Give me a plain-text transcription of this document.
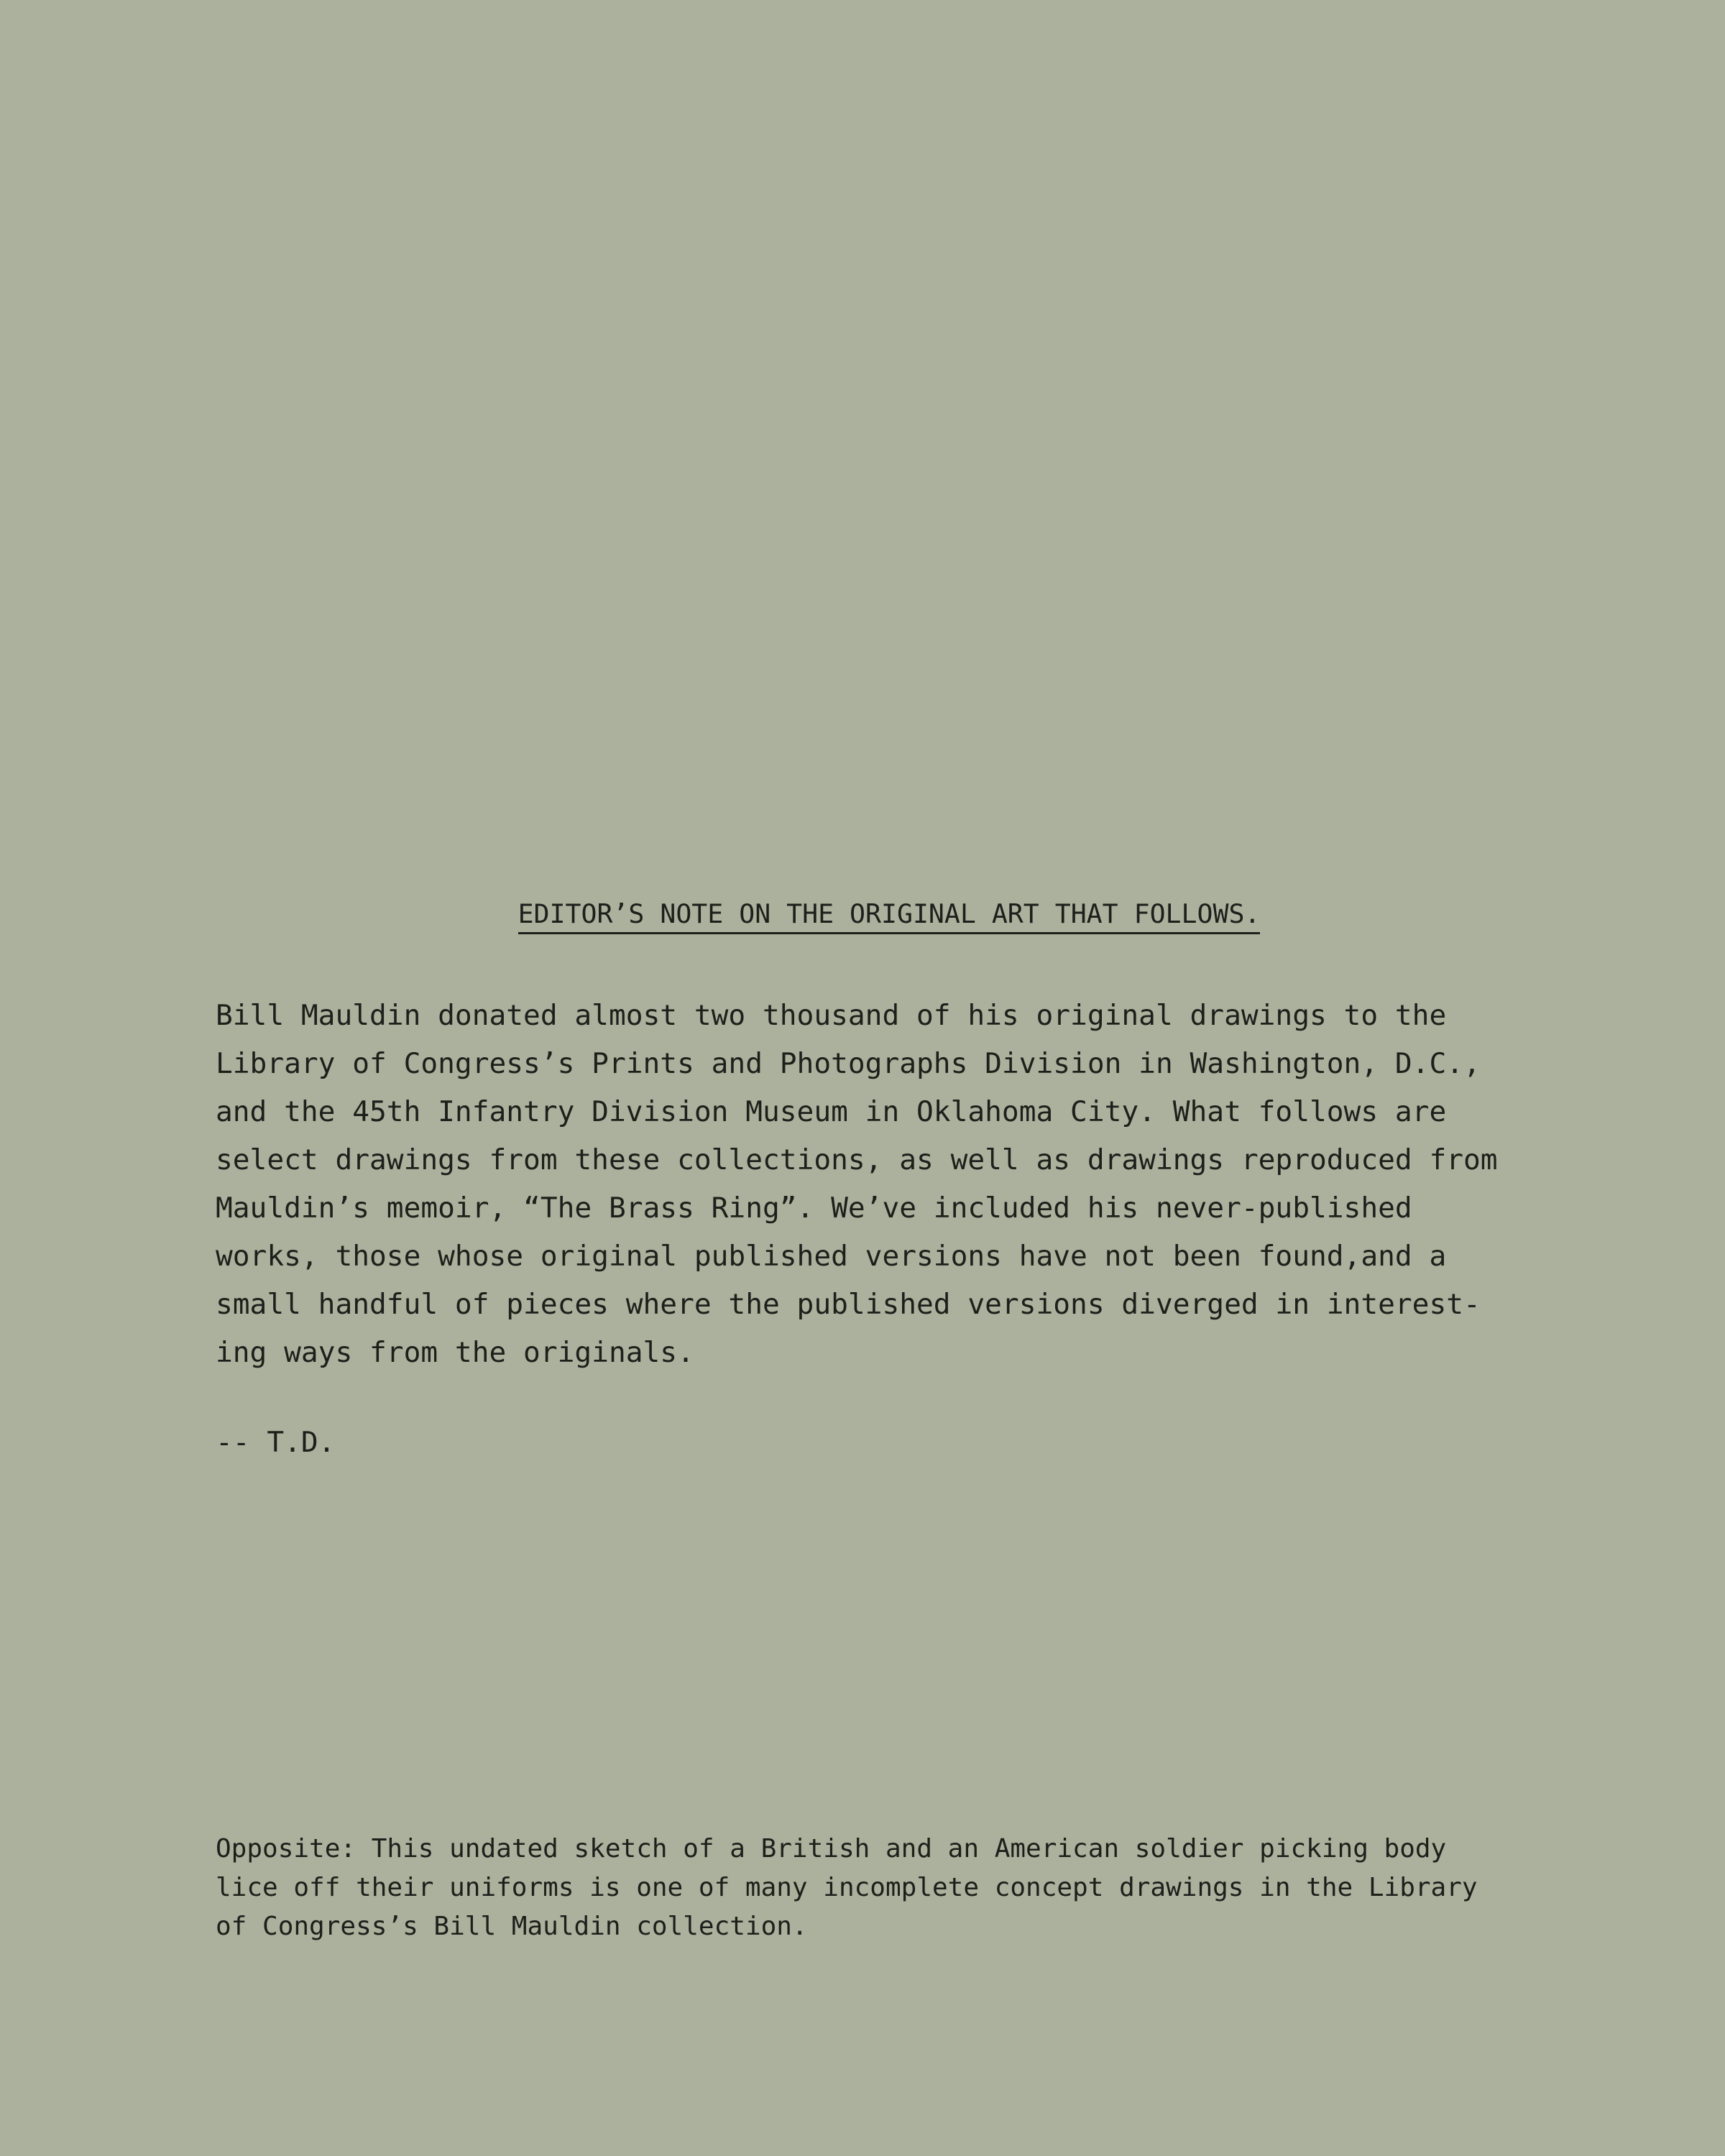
EDITOR’S NOTE ON THE ORIGINAL ART THAT FOLLOWS.
Bill Mauldin donated almost two thousand of his original drawings to the
Library of Congress’s Prints and Photographs Division in Washington, D.C.,
and the 45th Infantry Division Museum in Oklahoma City. What follows are
select drawings from these collections, as well as drawings reproduced from
Mauldin’s memoir, “The Brass Ring”. We’ve included his never-published
works, those whose original published versions have not been found,and a
small handful of pieces where the published versions diverged in interest-
ing ways from the originals.

-- T.D.

Opposite: This undated sketch of a British and an American soldier picking body
lice off their uniforms is one of many incomplete concept drawings in the Library
of Congress’s Bill Mauldin collection.
